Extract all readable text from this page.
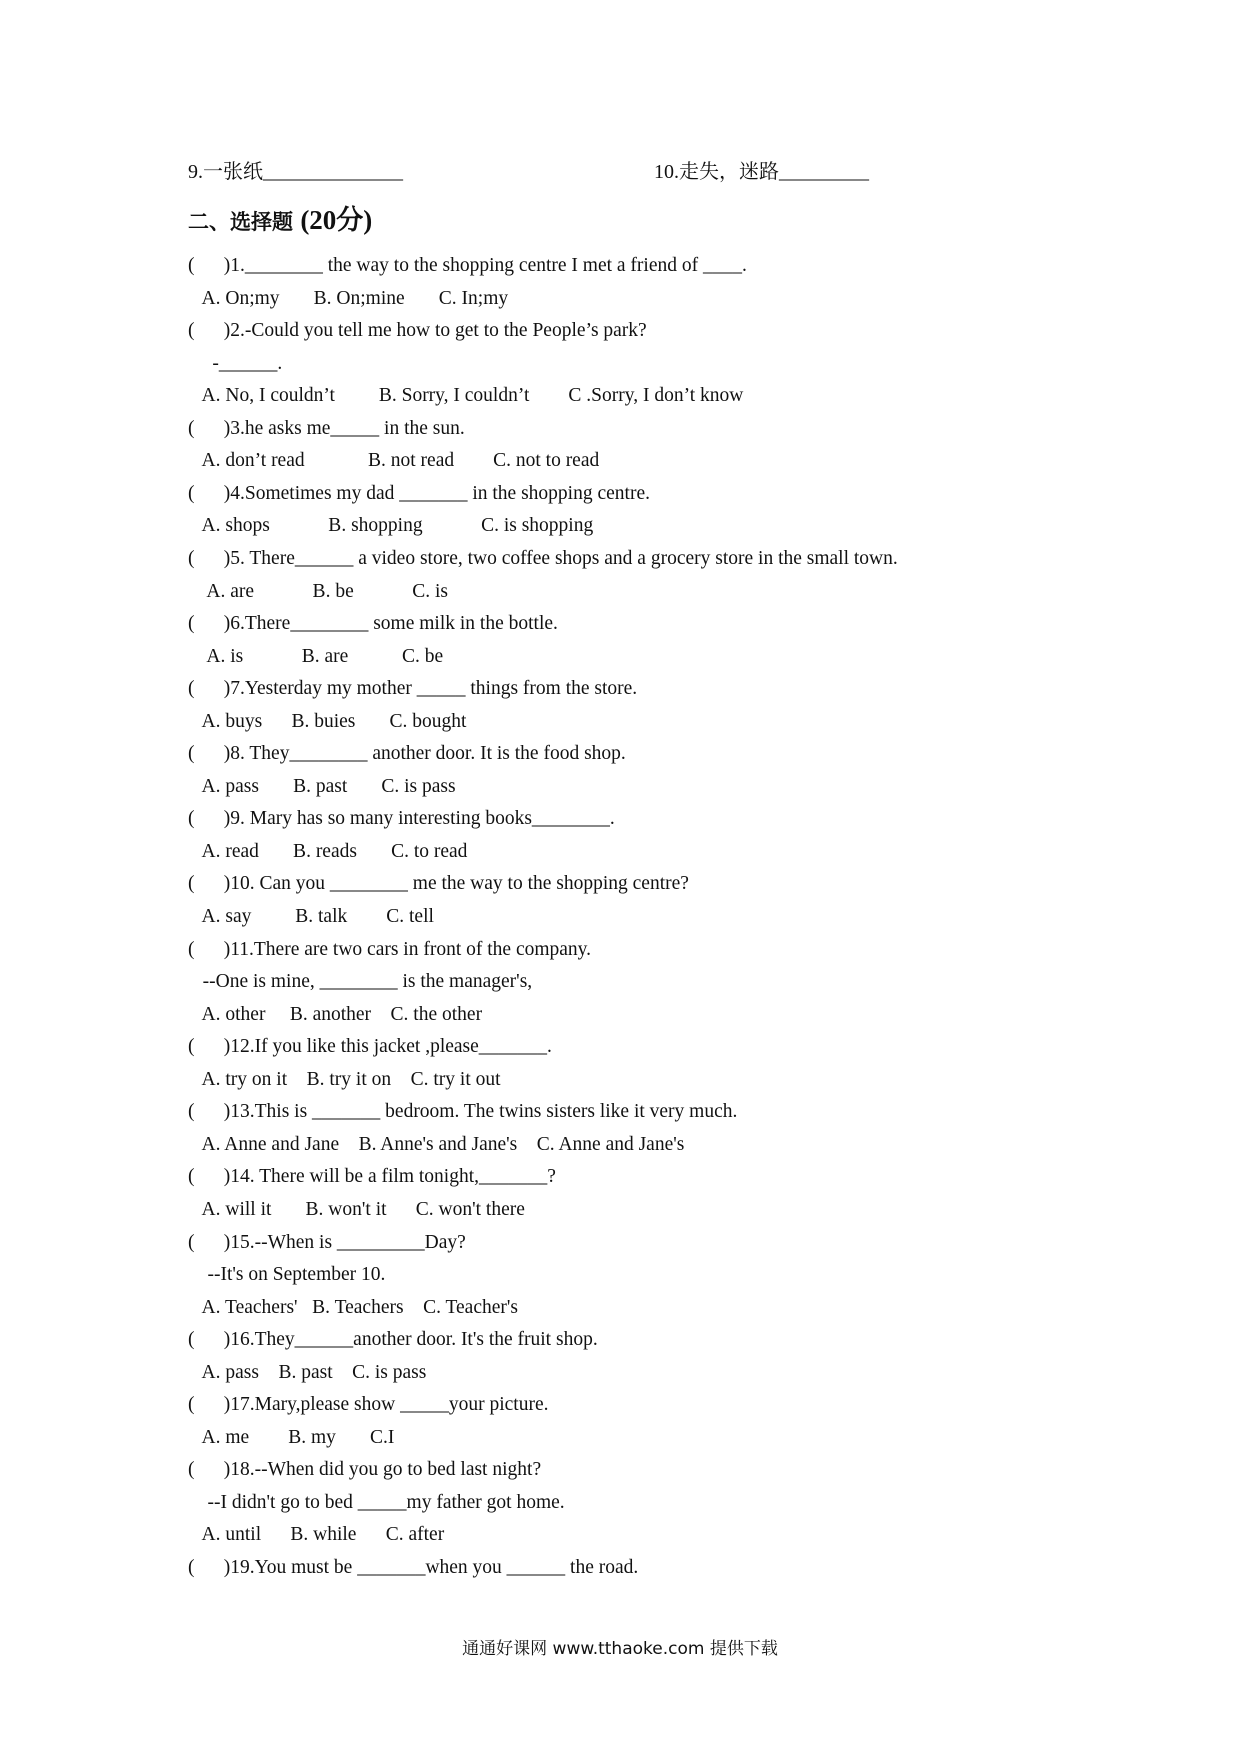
9.一张纸______________	10.走失，迷路_________
二、选择题 (20分)
(      )1.________ the way to the shopping centre I met a friend of ____.
A. On;my       B. On;mine       C. In;my
(      )2.-Could you tell me how to get to the People’s park?
-______.
A. No, I couldn’t         B. Sorry, I couldn’t        C .Sorry, I don’t know
(      )3.he asks me_____ in the sun.
A. don’t read             B. not read        C. not to read
(      )4.Sometimes my dad _______ in the shopping centre.
A. shops            B. shopping            C. is shopping
(      )5. There______ a video store, two coffee shops and a grocery store in the small town.
A. are            B. be            C. is
(      )6.There________ some milk in the bottle.
A. is            B. are           C. be
(      )7.Yesterday my mother _____ things from the store.
A. buys      B. buies       C. bought
(      )8. They________ another door. It is the food shop.
A. pass       B. past       C. is pass
(      )9. Mary has so many interesting books________.
A. read       B. reads       C. to read
(      )10. Can you ________ me the way to the shopping centre?
A. say         B. talk        C. tell
(      )11.There are two cars in front of the company.
--One is mine, ________ is the manager's,
A. other     B. another    C. the other
(      )12.If you like this jacket ,please_______.
A. try on it    B. try it on    C. try it out
(      )13.This is _______ bedroom. The twins sisters like it very much.
A. Anne and Jane    B. Anne's and Jane's    C. Anne and Jane's
(      )14. There will be a film tonight,_______?
A. will it       B. won't it      C. won't there
(      )15.--When is _________Day?
--It's on September 10.
A. Teachers'   B. Teachers    C. Teacher's
(      )16.They______another door. It's the fruit shop.
A. pass    B. past    C. is pass
(      )17.Mary,please show _____your picture.
A. me        B. my       C.I
(      )18.--When did you go to bed last night?
--I didn't go to bed _____my father got home.
A. until      B. while      C. after
(      )19.You must be _______when you ______ the road.
通通好课网 www.tthaoke.com 提供下载
